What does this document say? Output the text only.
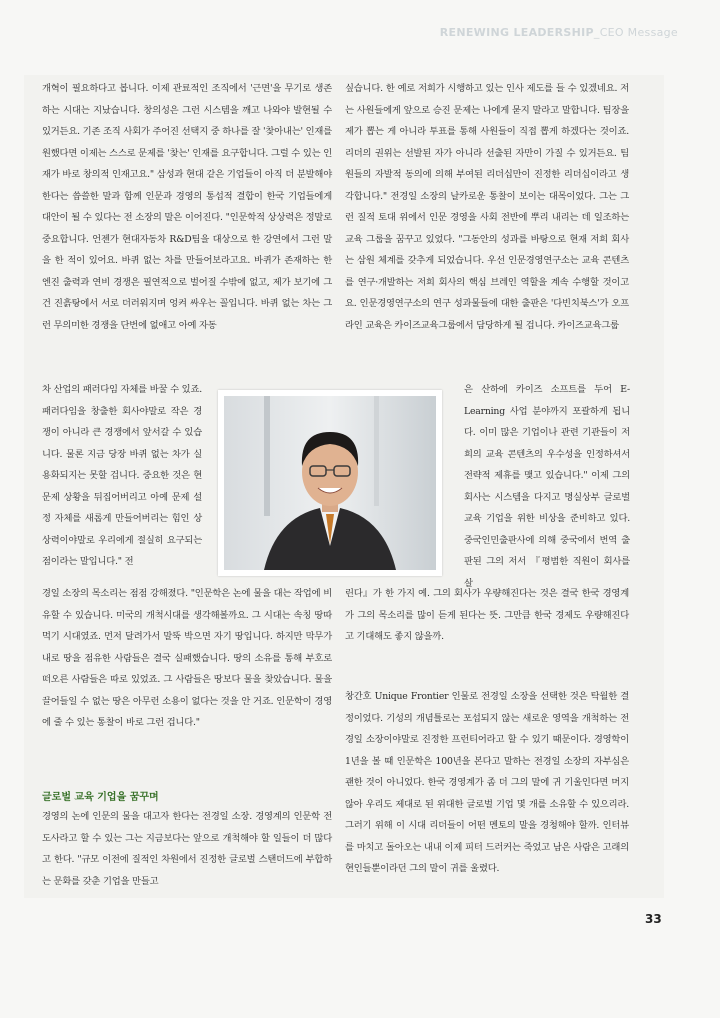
RENEWING LEADERSHIP_CEO Message

개혁이 필요하다고 봅니다. 이제 관료적인 조직에서 '근면'을 무기로 생존하는 시대는 지났습니다. 창의성은 그런 시스템을 깨고 나와야 발현될 수 있거든요. 기존 조직 사회가 주어진 선택지 중 하나를 잘 '찾아내는' 인재를 원했다면 이제는 스스로 문제를 '찾는' 인재를 요구합니다. 그럴 수 있는 인재가 바로 창의적 인재고요." 삼성과 현대 같은 기업들이 아직 더 분발해야 한다는 씁쓸한 말과 함께 인문과 경영의 통섭적 결합이 한국 기업들에게 대안이 될 수 있다는 전 소장의 말은 이어진다. "인문학적 상상력은 정말로 중요합니다. 언젠가 현대자동차 R&D팀을 대상으로 한 강연에서 그런 말을 한 적이 있어요. 바퀴 없는 차를 만들어보라고요. 바퀴가 존재하는 한 엔진 출력과 연비 경쟁은 필연적으로 벌어질 수밖에 없고, 제가 보기에 그건 진흙탕에서 서로 더러워지며 엉켜 싸우는 꼴입니다. 바퀴 없는 차는 그런 무의미한 경쟁을 단번에 없애고 아예 자동

차 산업의 패러다임 자체를 바꿀 수 있죠. 패러다임을 창출한 회사야말로 작은 경쟁이 아니라 큰 경쟁에서 앞서갈 수 있습니다. 물론 지금 당장 바퀴 없는 차가 실용화되지는 못할 겁니다. 중요한 것은 현 문제 상황을 뒤집어버리고 아예 문제 설정 자체를 새롭게 만들어버리는 힘인 상상력이야말로 우리에게 절실히 요구되는 점이라는 말입니다." 전

경일 소장의 목소리는 점점 강해졌다. "인문학은 논에 물을 대는 작업에 비유할 수 있습니다. 미국의 개척시대를 생각해볼까요. 그 시대는 속칭 땅따먹기 시대였죠. 먼저 달려가서 말뚝 박으면 자기 땅입니다. 하지만 막무가내로 땅을 점유한 사람들은 결국 실패했습니다. 땅의 소유를 통해 부호로 떠오른 사람들은 따로 있었죠. 그 사람들은 땅보다 물을 찾았습니다. 물을 끌어들일 수 없는 땅은 아무런 소용이 없다는 것을 안 거죠. 인문학이 경영에 줄 수 있는 통찰이 바로 그런 겁니다."

글로벌 교육 기업을 꿈꾸며

경영의 논에 인문의 물을 대고자 한다는 전경일 소장. 경영계의 인문학 전도사라고 할 수 있는 그는 지금보다는 앞으로 개척해야 할 일들이 더 많다고 한다. "규모 이전에 질적인 차원에서 진정한 글로벌 스탠더드에 부합하는 문화를 갖춘 기업을 만들고

싶습니다. 한 예로 저희가 시행하고 있는 인사 제도를 들 수 있겠네요. 저는 사원들에게 앞으로 승진 문제는 나에게 묻지 말라고 말합니다. 팀장을 제가 뽑는 게 아니라 투표를 통해 사원들이 직접 뽑게 하겠다는 것이죠. 리더의 권위는 선발된 자가 아니라 선출된 자만이 가질 수 있거든요. 팀원들의 자발적 동의에 의해 부여된 리더십만이 진정한 리더십이라고 생각합니다." 전경일 소장의 날카로운 통찰이 보이는 대목이었다. 그는 그런 질적 토대 위에서 인문 경영을 사회 전반에 뿌리 내리는 데 일조하는 교육 그룹을 꿈꾸고 있었다. "그동안의 성과를 바탕으로 현재 저희 회사는 삼원 체계를 갖추게 되었습니다. 우선 인문경영연구소는 교육 콘텐츠를 연구·개발하는 저희 회사의 핵심 브레인 역할을 계속 수행할 것이고요. 인문경영연구소의 연구 성과물들에 대한 출판은 '다빈치북스'가 오프라인 교육은 카이즈교육그룹에서 담당하게 될 겁니다. 카이즈교육그룹

은 산하에 카이즈 소프트를 두어 E-Learning 사업 분야까지 포괄하게 됩니다. 이미 많은 기업이나 관련 기관들이 저희의 교육 콘텐츠의 우수성을 인정하셔서 전략적 제휴를 맺고 있습니다." 이제 그의 회사는 시스템을 다지고 명실상부 글로벌 교육 기업을 위한 비상을 준비하고 있다. 중국인민출판사에 의해 중국에서 번역 출판된 그의 저서 『평범한 직원이 회사를 살

린다』가 한 가지 예. 그의 회사가 우량해진다는 것은 결국 한국 경영계가 그의 목소리를 많이 듣게 된다는 뜻. 그만큼 한국 경제도 우량해진다고 기대해도 좋지 않을까.

창간호 Unique Frontier 인물로 전경일 소장을 선택한 것은 탁월한 결정이었다. 기성의 개념틀로는 포섭되지 않는 새로운 영역을 개척하는 전경일 소장이야말로 진정한 프런티어라고 할 수 있기 때문이다. 경영학이 1년을 볼 때 인문학은 100년을 본다고 말하는 전경일 소장의 자부심은 괜한 것이 아니었다. 한국 경영계가 좀 더 그의 말에 귀 기울인다면 머지않아 우리도 제대로 된 위대한 글로벌 기업 몇 개를 소유할 수 있으리라. 그러기 위해 이 시대 리더들이 어떤 멘토의 말을 경청해야 할까. 인터뷰를 마치고 돌아오는 내내 이제 피터 드러커는 죽었고 남은 사람은 고래의 현인들뿐이라던 그의 말이 귀를 울렸다.

33
